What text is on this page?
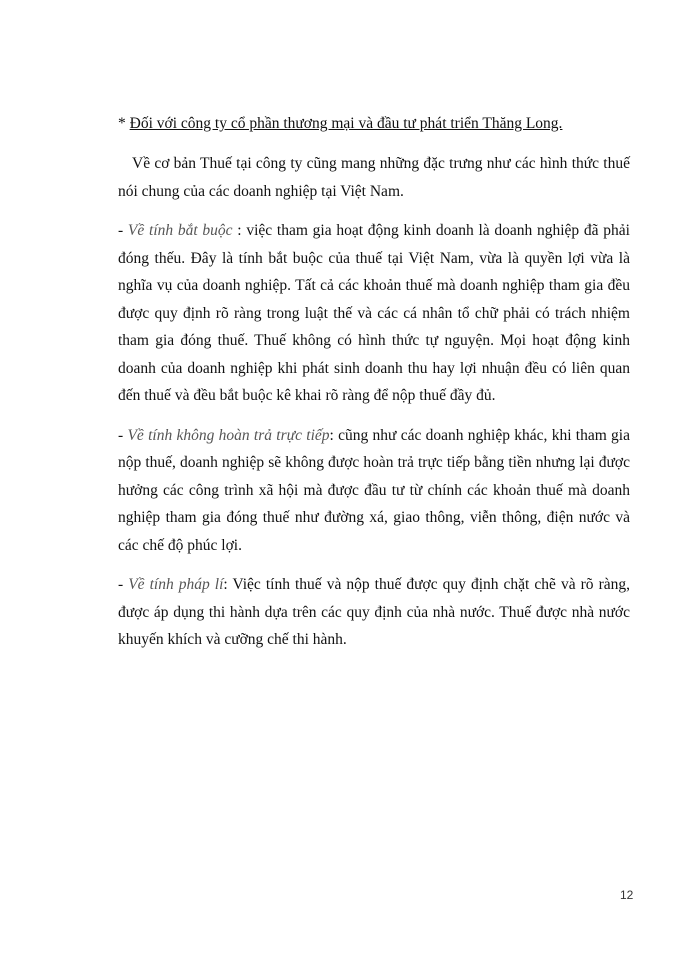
* Đối với công ty cổ phần thương mại và đầu tư phát triển Thăng Long.

Về cơ bản Thuế tại công ty cũng mang những đặc trưng như các hình thức thuế nói chung của các doanh nghiệp tại Việt Nam.

- Về tính bắt buộc : việc tham gia hoạt động kinh doanh là doanh nghiệp đã phải đóng thếu. Đây là tính bắt buộc của thuế tại Việt Nam, vừa là quyền lợi vừa là nghĩa vụ của doanh nghiệp. Tất cả các khoản thuế mà doanh nghiệp tham gia đều được quy định rõ ràng trong luật thế và các cá nhân tổ chữ phải có trách nhiệm tham gia đóng thuế. Thuế không có hình thức tự nguyện. Mọi hoạt động kinh doanh của doanh nghiệp khi phát sinh doanh thu hay lợi nhuận đều có liên quan đến thuế và đều bắt buộc kê khai rõ ràng để nộp thuế đầy đủ.

- Về tính không hoàn trả trực tiếp: cũng như các doanh nghiệp khác, khi tham gia nộp thuế, doanh nghiệp sẽ không được hoàn trả trực tiếp bằng tiền nhưng lại được hưởng các công trình xã hội mà được đầu tư từ chính các khoản thuế mà doanh nghiệp tham gia đóng thuế như đường xá, giao thông, viễn thông, điện nước và các chế độ phúc lợi.

- Về tính pháp lí: Việc tính thuế và nộp thuế được quy định chặt chẽ và rõ ràng, được áp dụng thi hành dựa trên các quy định của nhà nước. Thuế được nhà nước khuyến khích và cưỡng chế thi hành.

12
